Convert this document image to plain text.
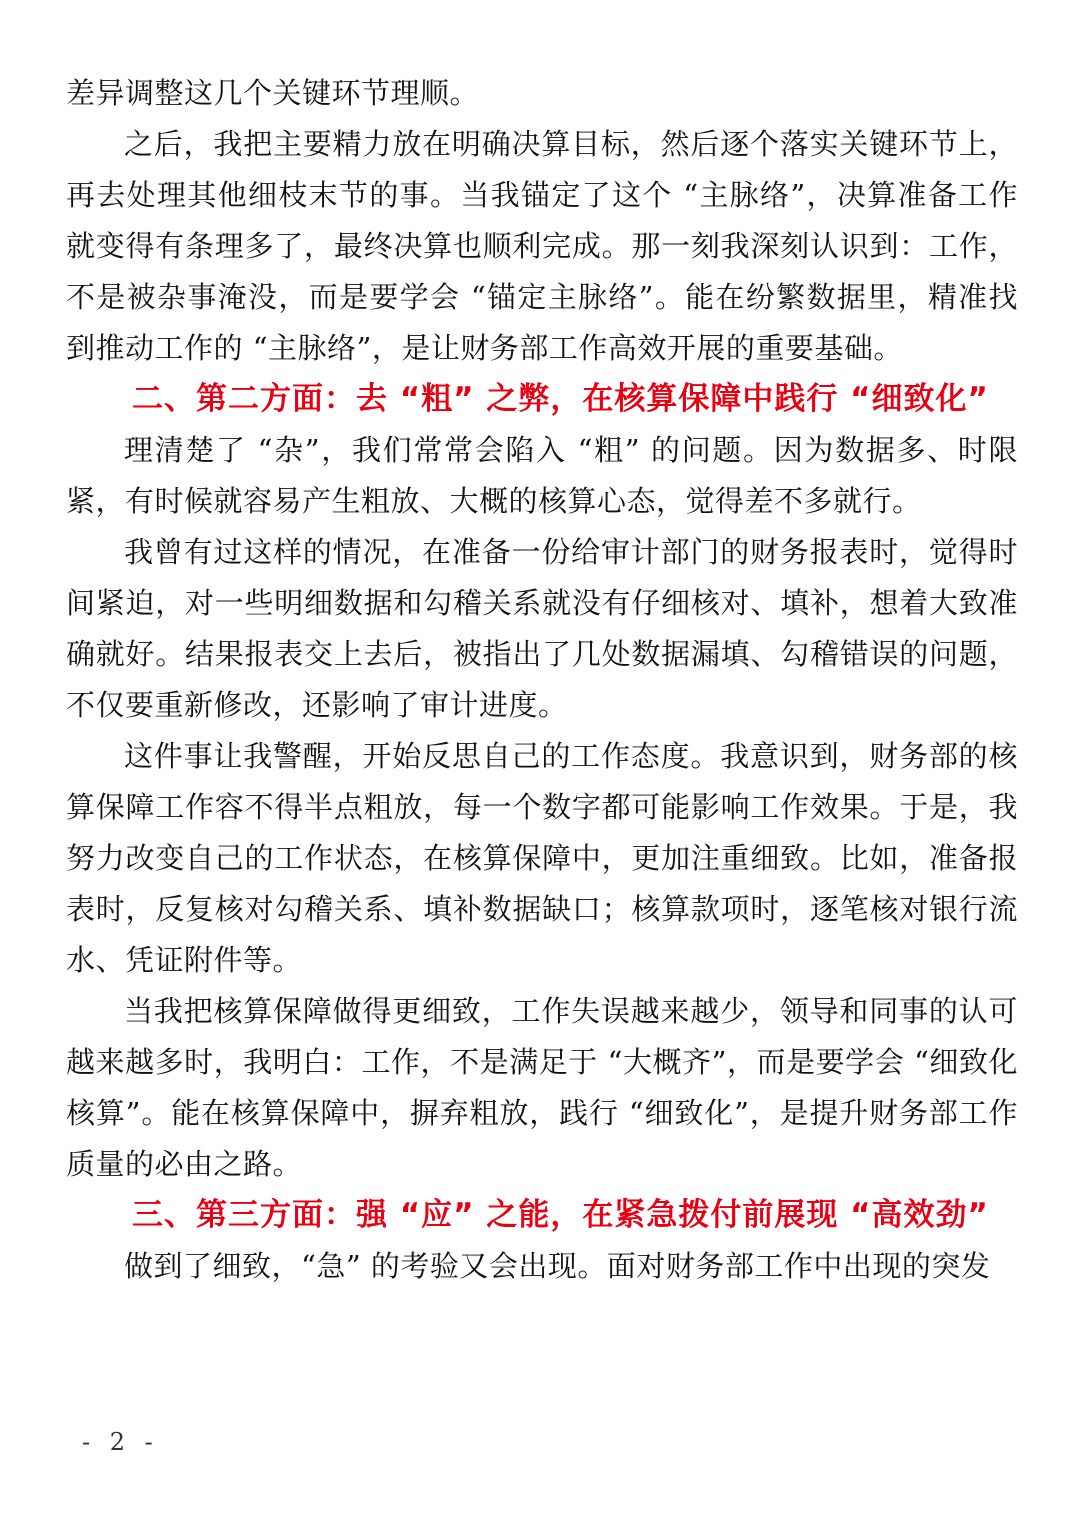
差异调整这几个关键环节理顺。

之后，我把主要精力放在明确决算目标，然后逐个落实关键环节上，再去处理其他细枝末节的事。当我锚定了这个 “主脉络”，决算准备工作就变得有条理多了，最终决算也顺利完成。那一刻我深刻认识到：工作，不是被杂事淹没，而是要学会 “锚定主脉络”。能在纷繁数据里，精准找到推动工作的 “主脉络”，是让财务部工作高效开展的重要基础。

二、第二方面：去 “粗” 之弊，在核算保障中践行 “细致化”

理清楚了 “杂”，我们常常会陷入 “粗” 的问题。因为数据多、时限紧，有时候就容易产生粗放、大概的核算心态，觉得差不多就行。

我曾有过这样的情况，在准备一份给审计部门的财务报表时，觉得时间紧迫，对一些明细数据和勾稽关系就没有仔细核对、填补，想着大致准确就好。结果报表交上去后，被指出了几处数据漏填、勾稽错误的问题，不仅要重新修改，还影响了审计进度。

这件事让我警醒，开始反思自己的工作态度。我意识到，财务部的核算保障工作容不得半点粗放，每一个数字都可能影响工作效果。于是，我努力改变自己的工作状态，在核算保障中，更加注重细致。比如，准备报表时，反复核对勾稽关系、填补数据缺口；核算款项时，逐笔核对银行流水、凭证附件等。

当我把核算保障做得更细致，工作失误越来越少，领导和同事的认可越来越多时，我明白：工作，不是满足于 “大概齐”，而是要学会 “细致化核算”。能在核算保障中，摒弃粗放，践行 “细致化”，是提升财务部工作质量的必由之路。

三、第三方面：强 “应” 之能，在紧急拨付前展现 “高效劲”

做到了细致，“急” 的考验又会出现。面对财务部工作中出现的突发

- 2 -
